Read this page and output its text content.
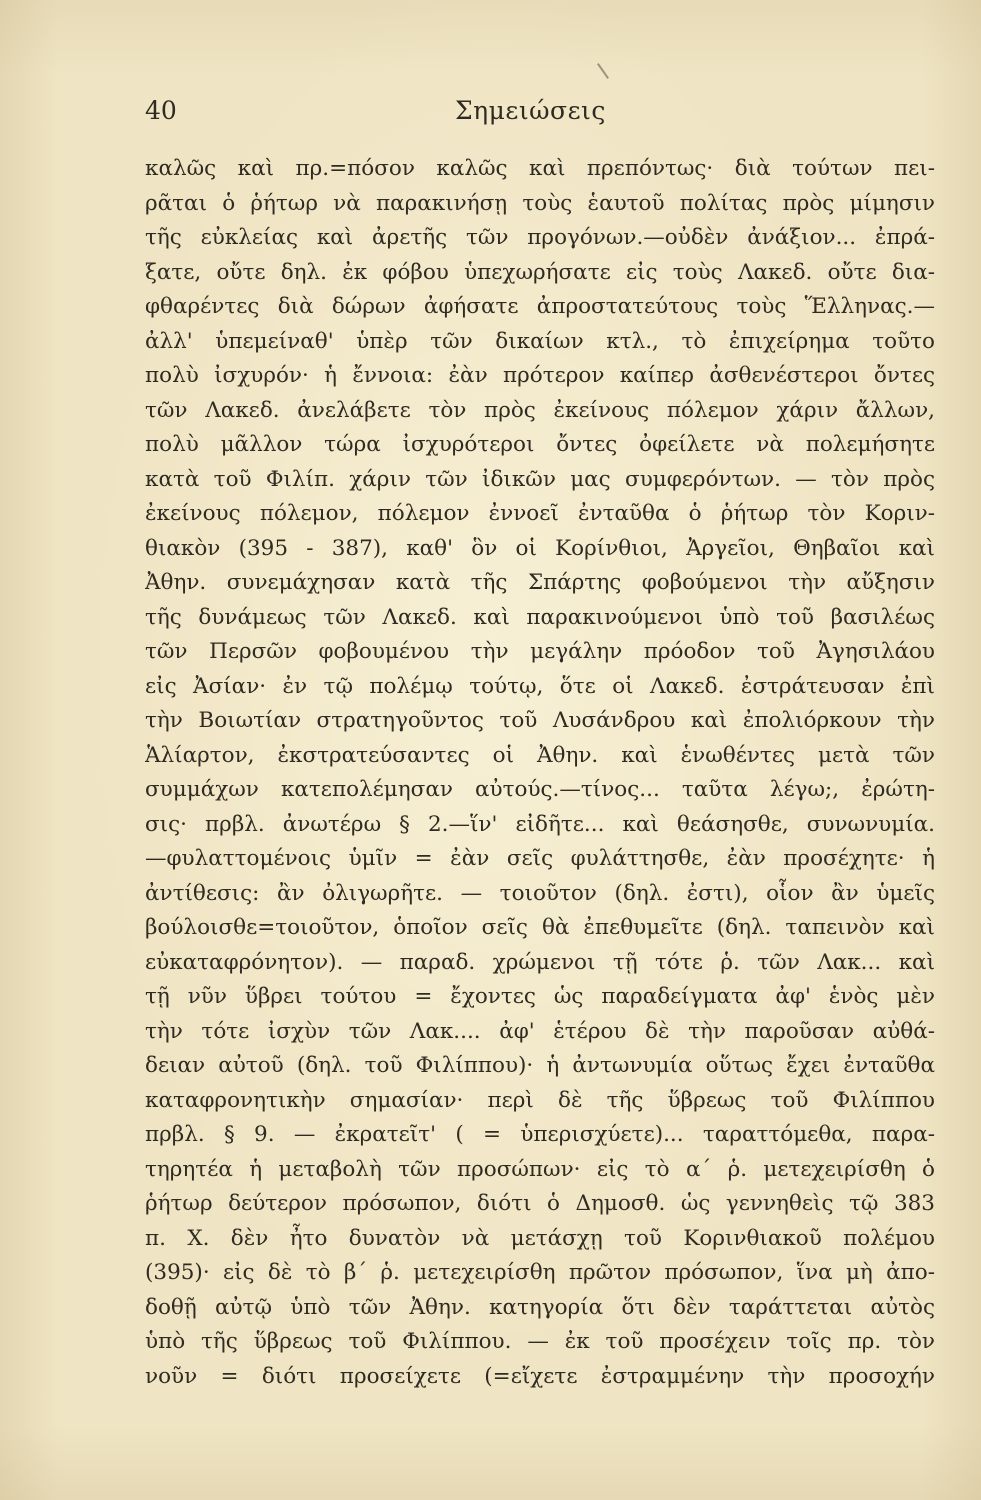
40	Σημειώσεις
καλῶς καὶ πρ.=πόσον καλῶς καὶ πρεπόντως· διὰ τούτων πει-
ρᾶται ὁ ῥήτωρ νὰ παρακινήσῃ τοὺς ἑαυτοῦ πολίτας πρὸς μίμησιν
τῆς εὐκλείας καὶ ἀρετῆς τῶν προγόνων.—οὐδὲν ἀνάξιον... ἐπρά-
ξατε, οὔτε δηλ. ἐκ φόβου ὑπεχωρήσατε εἰς τοὺς Λακεδ. οὔτε δια-
φθαρέντες διὰ δώρων ἀφήσατε ἀπροστατεύτους τοὺς Ἕλληνας.—
ἀλλ' ὑπεμείναθ' ὑπὲρ τῶν δικαίων κτλ., τὸ ἐπιχείρημα τοῦτο
πολὺ ἰσχυρόν· ἡ ἔννοια: ἐὰν πρότερον καίπερ ἀσθενέστεροι ὄντες
τῶν Λακεδ. ἀνελάβετε τὸν πρὸς ἐκείνους πόλεμον χάριν ἄλλων,
πολὺ μᾶλλον τώρα ἰσχυρότεροι ὄντες ὀφείλετε νὰ πολεμήσητε
κατὰ τοῦ Φιλίπ. χάριν τῶν ἰδικῶν μας συμφερόντων. — τὸν πρὸς
ἐκείνους πόλεμον, πόλεμον ἐννοεῖ ἐνταῦθα ὁ ῥήτωρ τὸν Κοριν-
θιακὸν (395 - 387), καθ' ὃν οἱ Κορίνθιοι, Ἀργεῖοι, Θηβαῖοι καὶ
Ἀθην. συνεμάχησαν κατὰ τῆς Σπάρτης φοβούμενοι τὴν αὔξησιν
τῆς δυνάμεως τῶν Λακεδ. καὶ παρακινούμενοι ὑπὸ τοῦ βασιλέως
τῶν Περσῶν φοβουμένου τὴν μεγάλην πρόοδον τοῦ Ἀγησιλάου
εἰς Ἀσίαν· ἐν τῷ πολέμῳ τούτῳ, ὅτε οἱ Λακεδ. ἐστράτευσαν ἐπὶ
τὴν Βοιωτίαν στρατηγοῦντος τοῦ Λυσάνδρου καὶ ἐπολιόρκουν τὴν
Ἁλίαρτον, ἐκστρατεύσαντες οἱ Ἀθην. καὶ ἑνωθέντες μετὰ τῶν
συμμάχων κατεπολέμησαν αὐτούς.—τίνος... ταῦτα λέγω;, ἐρώτη-
σις· πρβλ. ἀνωτέρω § 2.—ἵν' εἰδῆτε... καὶ θεάσησθε, συνωνυμία.
—φυλαττομένοις ὑμῖν = ἐὰν σεῖς φυλάττησθε, ἐὰν προσέχητε· ἡ
ἀντίθεσις: ἂν ὀλιγωρῆτε. — τοιοῦτον (δηλ. ἐστι), οἷον ἂν ὑμεῖς
βούλοισθε=τοιοῦτον, ὁποῖον σεῖς θὰ ἐπεθυμεῖτε (δηλ. ταπεινὸν καὶ
εὐκαταφρόνητον). — παραδ. χρώμενοι τῇ τότε ῥ. τῶν Λακ... καὶ
τῇ νῦν ὕβρει τούτου = ἔχοντες ὡς παραδείγματα ἀφ' ἑνὸς μὲν
τὴν τότε ἰσχὺν τῶν Λακ.... ἀφ' ἑτέρου δὲ τὴν παροῦσαν αὐθά-
δειαν αὐτοῦ (δηλ. τοῦ Φιλίππου)· ἡ ἀντωνυμία οὕτως ἔχει ἐνταῦθα
καταφρονητικὴν σημασίαν· περὶ δὲ τῆς ὕβρεως τοῦ Φιλίππου
πρβλ. § 9. — ἐκρατεῖτ' ( = ὑπερισχύετε)... ταραττόμεθα, παρα-
τηρητέα ἡ μεταβολὴ τῶν προσώπων· εἰς τὸ α΄ ῥ. μετεχειρίσθη ὁ
ῥήτωρ δεύτερον πρόσωπον, διότι ὁ Δημοσθ. ὡς γεννηθεὶς τῷ 383
π. Χ. δὲν ἦτο δυνατὸν νὰ μετάσχῃ τοῦ Κορινθιακοῦ πολέμου
(395)· εἰς δὲ τὸ β΄ ῥ. μετεχειρίσθη πρῶτον πρόσωπον, ἵνα μὴ ἀπο-
δοθῇ αὐτῷ ὑπὸ τῶν Ἀθην. κατηγορία ὅτι δὲν ταράττεται αὐτὸς
ὑπὸ τῆς ὕβρεως τοῦ Φιλίππου. — ἐκ τοῦ προσέχειν τοῖς πρ. τὸν
νοῦν = διότι προσείχετε (=εἴχετε ἐστραμμένην τὴν προσοχήν
